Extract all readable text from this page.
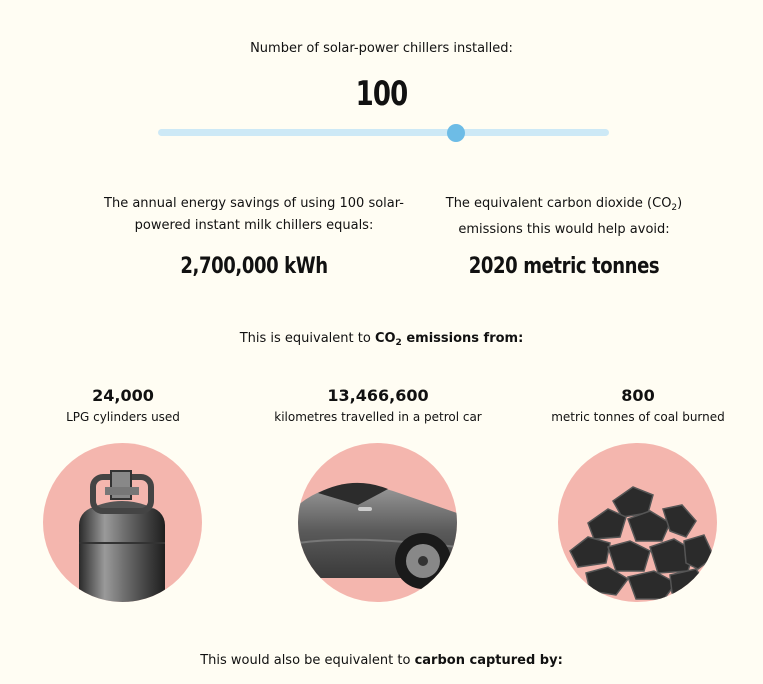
Number of solar-power chillers installed:
100
The annual energy savings of using 100 solar-powered instant milk chillers equals:
2,700,000 kWh
The equivalent carbon dioxide $(CO_2)$ emissions this would help avoid:
2020 metric tonnes
This is equivalent to $CO_2$ emissions from:
24,000
LPG cylinders used
13,466,600
kilometres travelled in a petrol car
800
metric tonnes of coal burned
This would also be equivalent to carbon captured by:
